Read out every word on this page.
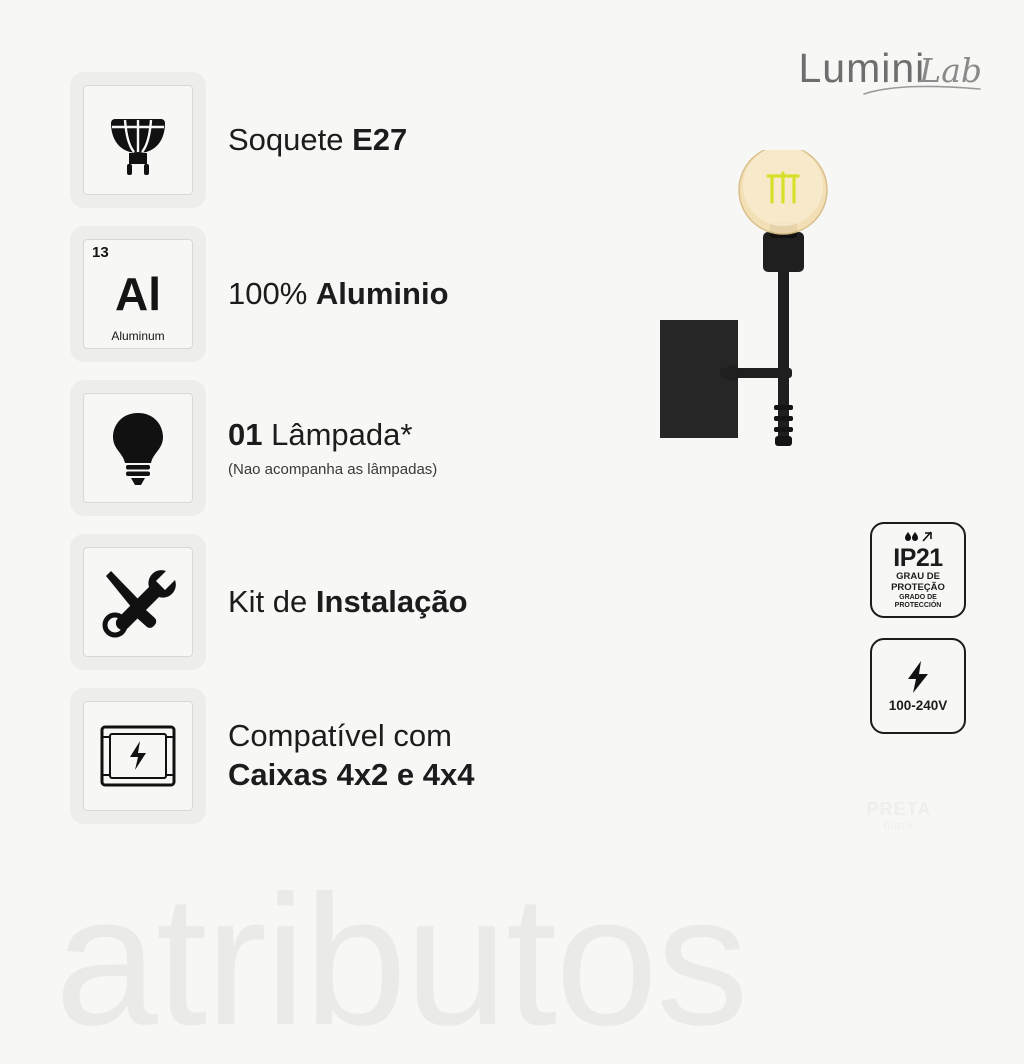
atributos
LuminiLab
Soquete E27
13
Al
Aluminum
100% Aluminio
01 Lâmpada*
(Nao acompanha as lâmpadas)
Kit de Instalação
Compatível com
Caixas 4x2 e 4x4
IP21
GRAU DE
PROTEÇÃO
GRADO DE
PROTECCIÓN
100-240V
PRETA
black
